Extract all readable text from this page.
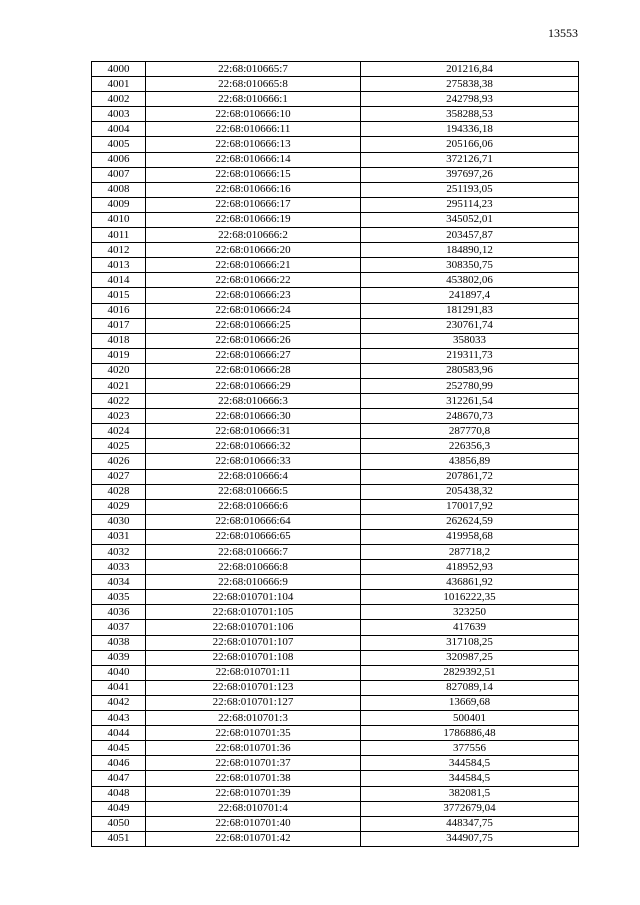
13553
4000	22:68:010665:7	201216,84
4001	22:68:010665:8	275838,38
4002	22:68:010666:1	242798,93
4003	22:68:010666:10	358288,53
4004	22:68:010666:11	194336,18
4005	22:68:010666:13	205166,06
4006	22:68:010666:14	372126,71
4007	22:68:010666:15	397697,26
4008	22:68:010666:16	251193,05
4009	22:68:010666:17	295114,23
4010	22:68:010666:19	345052,01
4011	22:68:010666:2	203457,87
4012	22:68:010666:20	184890,12
4013	22:68:010666:21	308350,75
4014	22:68:010666:22	453802,06
4015	22:68:010666:23	241897,4
4016	22:68:010666:24	181291,83
4017	22:68:010666:25	230761,74
4018	22:68:010666:26	358033
4019	22:68:010666:27	219311,73
4020	22:68:010666:28	280583,96
4021	22:68:010666:29	252780,99
4022	22:68:010666:3	312261,54
4023	22:68:010666:30	248670,73
4024	22:68:010666:31	287770,8
4025	22:68:010666:32	226356,3
4026	22:68:010666:33	43856,89
4027	22:68:010666:4	207861,72
4028	22:68:010666:5	205438,32
4029	22:68:010666:6	170017,92
4030	22:68:010666:64	262624,59
4031	22:68:010666:65	419958,68
4032	22:68:010666:7	287718,2
4033	22:68:010666:8	418952,93
4034	22:68:010666:9	436861,92
4035	22:68:010701:104	1016222,35
4036	22:68:010701:105	323250
4037	22:68:010701:106	417639
4038	22:68:010701:107	317108,25
4039	22:68:010701:108	320987,25
4040	22:68:010701:11	2829392,51
4041	22:68:010701:123	827089,14
4042	22:68:010701:127	13669,68
4043	22:68:010701:3	500401
4044	22:68:010701:35	1786886,48
4045	22:68:010701:36	377556
4046	22:68:010701:37	344584,5
4047	22:68:010701:38	344584,5
4048	22:68:010701:39	382081,5
4049	22:68:010701:4	3772679,04
4050	22:68:010701:40	448347,75
4051	22:68:010701:42	344907,75
